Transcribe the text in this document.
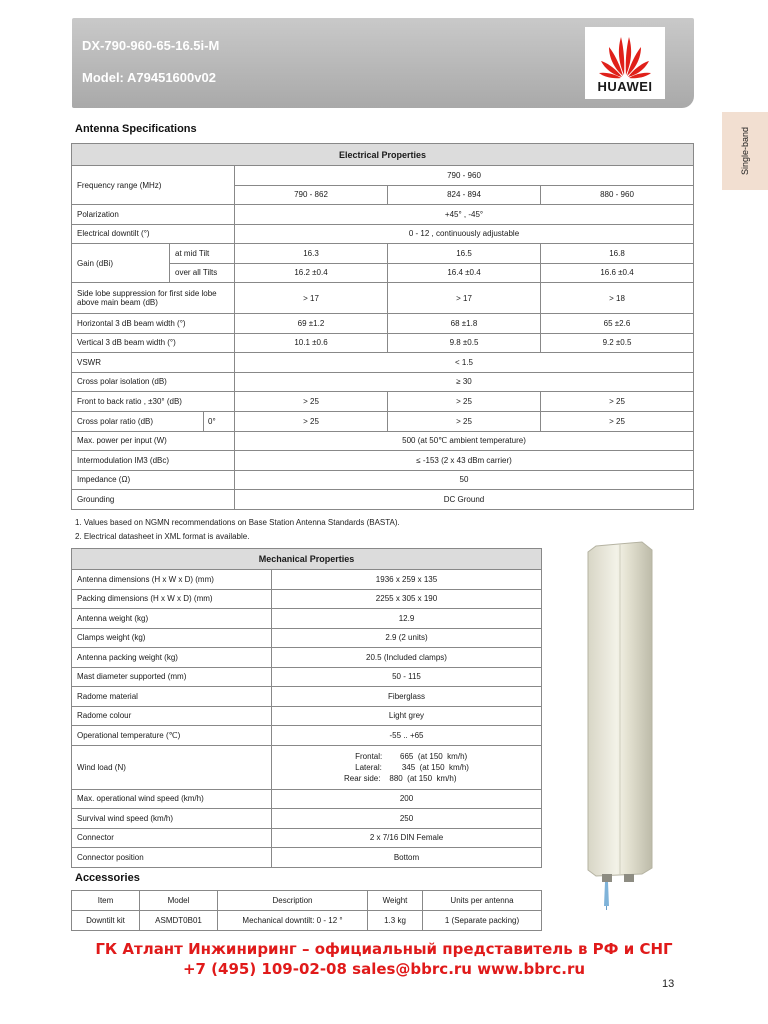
DX-790-960-65-16.5i-M
Model: A79451600v02
HUAWEI
Single-band
Antenna Specifications
Electrical Properties				
Frequency range (MHz)		790 - 960		
		790 - 862	824 - 894	880 - 960
Polarization		+45° , -45°		
Electrical downtilt (°)		0 - 12 , continuously adjustable		
Gain (dBi)	at mid Tilt	16.3	16.5	16.8
	over all Tilts	16.2 ±0.4	16.4 ±0.4	16.6 ±0.4
Side lobe suppression for first side lobe above main beam (dB)		> 17	> 17	> 18
Horizontal 3 dB beam width (°)		69 ±1.2	68 ±1.8	65 ±2.6
Vertical 3 dB beam width (°)		10.1 ±0.6	9.8 ±0.5	9.2 ±0.5
VSWR		< 1.5		
Cross polar isolation (dB)		≥ 30		
Front to back ratio , ±30° (dB)		> 25	> 25	> 25

Cross polar ratio (dB) 0°		> 25	> 25	> 25
Max. power per input (W)		500 (at 50℃ ambient temperature)		
Intermodulation IM3 (dBc)		≤ -153 (2 x 43 dBm carrier)		
Impedance (Ω)		50		
Grounding		DC Ground		
1. Values based on NGMN recommendations on Base Station Antenna Standards (BASTA).
2. Electrical datasheet in XML format is available.
Mechanical Properties	
Antenna dimensions (H x W x D) (mm)	1936 x 259 x 135
Packing dimensions (H x W x D) (mm)	2255 x 305 x 190
Antenna weight (kg)	12.9
Clamps weight (kg)	2.9 (2 units)
Antenna packing weight (kg)	20.5 (Included clamps)
Mast diameter supported (mm)	50 - 115
Radome material	Fiberglass
Radome colour	Light grey
Operational temperature (℃)	-55 .. +65
Wind load (N)	Frontal:        665  (at 150  km/h)
Lateral:         345  (at 150  km/h)
Rear side:    880  (at 150  km/h)

Max. operational wind speed (km/h)	200
Survival wind speed (km/h)	250
Connector	2 x 7/16 DIN Female
Connector position	Bottom
Accessories
Item	Model	Description	Weight	Units per antenna
Downtilt kit	ASMDT0B01	Mechanical downtilt: 0 - 12 °	1.3 kg	1 (Separate packing)
ГК Атлант Инжиниринг – официальный представитель в РФ и СНГ
+7 (495) 109-02-08 sales@bbrc.ru www.bbrc.ru
13
